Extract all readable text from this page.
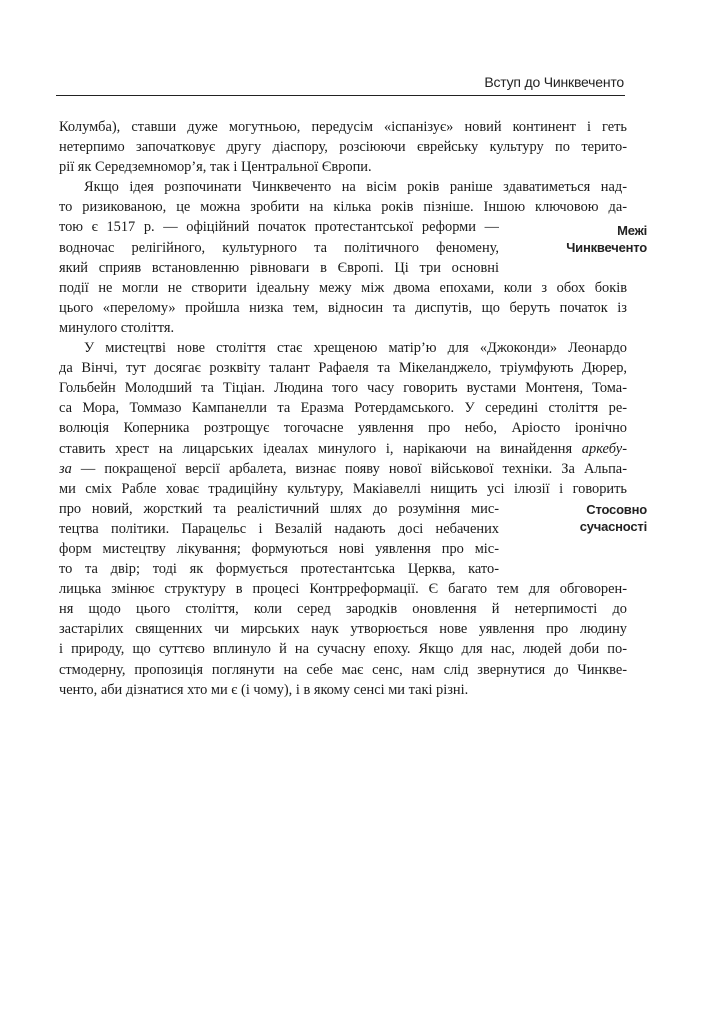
Вступ до Чинквеченто
Межі
Чинквеченто
Стосовно
сучасності
Колумба), ставши дуже могутньою, передусім «іспанізує» новий континент і геть
нетерпимо започатковує другу діаспору, розсіюючи єврейську культуру по терито-
рії як Середземномор’я, так і Центральної Європи.
Якщо ідея розпочинати Чинквеченто на вісім років раніше здаватиметься над-
то ризикованою, це можна зробити на кілька років пізніше. Іншою ключовою да-
тою є 1517 р. — офіційний початок протестантської реформи —
водночас релігійного, культурного та політичного феномену,
який сприяв встановленню рівноваги в Європі. Ці три основні
події не могли не створити ідеальну межу між двома епохами, коли з обох боків
цього «перелому» пройшла низка тем, відносин та диспутів, що беруть початок із
минулого століття.
У мистецтві нове століття стає хрещеною матір’ю для «Джоконди» Леонардо
да Вінчі, тут досягає розквіту талант Рафаеля та Мікеланджело, тріумфують Дюрер,
Гольбейн Молодший та Тіціан. Людина того часу говорить вустами Монтеня, Тома-
са Мора, Томмазо Кампанелли та Еразма Ротердамського. У середині століття ре-
волюція Коперника розтрощує тогочасне уявлення про небо, Аріосто іронічно
ставить хрест на лицарських ідеалах минулого і, нарікаючи на винайдення аркебу-
за — покращеної версії арбалета, визнає появу нової військової техніки. За Альпа-
ми сміх Рабле ховає традиційну культуру, Макіавеллі нищить усі ілюзії і говорить
про новий, жорсткий та реалістичний шлях до розуміння мис-
тецтва політики. Парацельс і Везалій надають досі небачених
форм мистецтву лікування; формуються нові уявлення про міс-
то та двір; тоді як формується протестантська Церква, като-
лицька змінює структуру в процесі Контрреформації. Є багато тем для обговорен-
ня щодо цього століття, коли серед зародків оновлення й нетерпимості до
застарілих священних чи мирських наук утворюється нове уявлення про людину
і природу, що суттєво вплинуло й на сучасну епоху. Якщо для нас, людей доби по-
стмодерну, пропозиція поглянути на себе має сенс, нам слід звернутися до Чинкве-
ченто, аби дізнатися хто ми є (і чому), і в якому сенсі ми такі різні.
